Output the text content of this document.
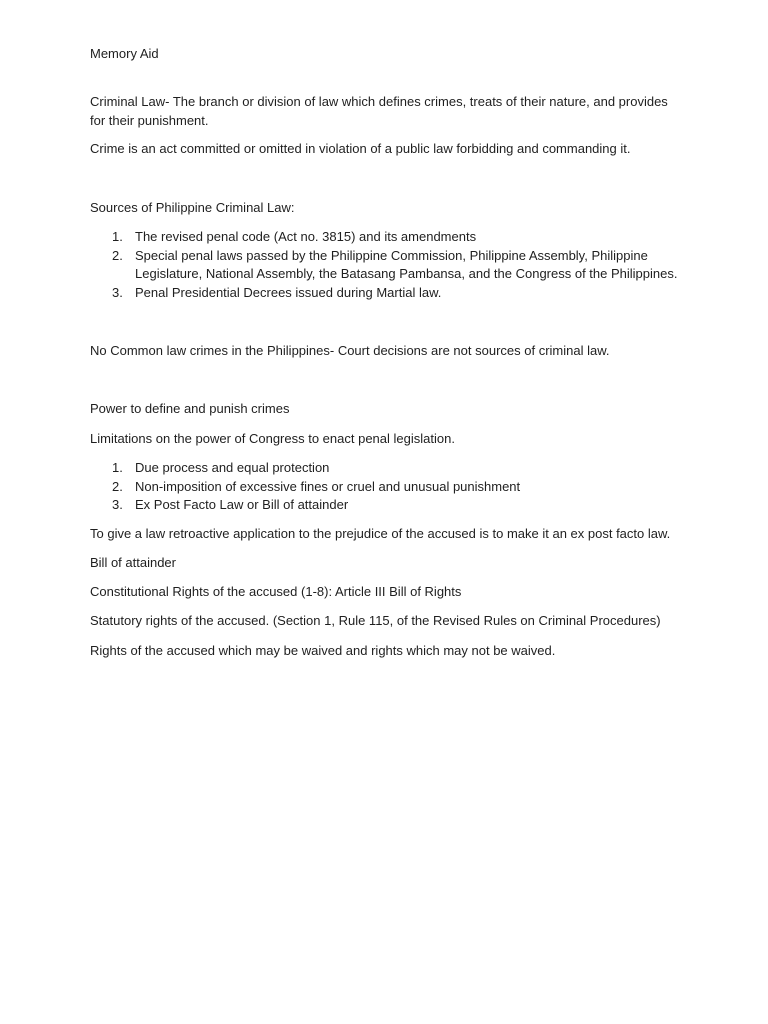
Memory Aid

Criminal Law- The branch or division of law which defines crimes, treats of their nature, and provides for their punishment.

Crime is an act committed or omitted in violation of a public law forbidding and commanding it.

Sources of Philippine Criminal Law:

1. The revised penal code (Act no. 3815) and its amendments
2. Special penal laws passed by the Philippine Commission, Philippine Assembly, Philippine Legislature, National Assembly, the Batasang Pambansa, and the Congress of the Philippines.
3. Penal Presidential Decrees issued during Martial law.

No Common law crimes in the Philippines- Court decisions are not sources of criminal law.

Power to define and punish crimes

Limitations on the power of Congress to enact penal legislation.

1. Due process and equal protection
2. Non-imposition of excessive fines or cruel and unusual punishment
3. Ex Post Facto Law or Bill of attainder

To give a law retroactive application to the prejudice of the accused is to make it an ex post facto law.

Bill of attainder

Constitutional Rights of the accused (1-8): Article III Bill of Rights

Statutory rights of the accused. (Section 1, Rule 115, of the Revised Rules on Criminal Procedures)

Rights of the accused which may be waived and rights which may not be waived.
